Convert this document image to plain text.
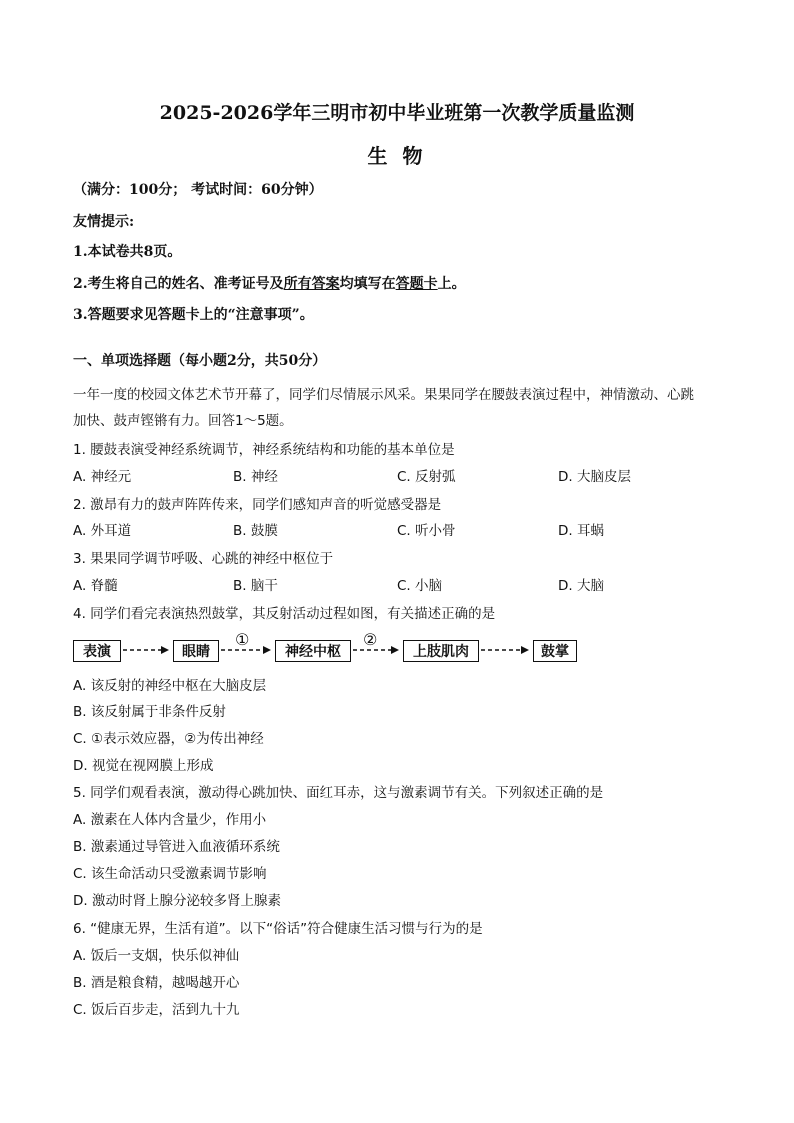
2025-2026学年三明市初中毕业班第一次教学质量监测
生 物
（满分：100分； 考试时间：60分钟）
友情提示:
1.本试卷共8页。
2.考生将自己的姓名、准考证号及所有答案均填写在答题卡上。
3.答题要求见答题卡上的“注意事项”。
一、单项选择题（每小题2分，共50分）
一年一度的校园文体艺术节开幕了，同学们尽情展示风采。果果同学在腰鼓表演过程中，神情激动、心跳
加快、鼓声铿锵有力。回答1～5题。
1. 腰鼓表演受神经系统调节，神经系统结构和功能的基本单位是
A. 神经元	B. 神经	C. 反射弧	D. 大脑皮层
2. 激昂有力的鼓声阵阵传来，同学们感知声音的听觉感受器是
A. 外耳道	B. 鼓膜	C. 听小骨	D. 耳蜗
3. 果果同学调节呼吸、心跳的神经中枢位于
A. 脊髓	B. 脑干	C. 小脑	D. 大脑
4. 同学们看完表演热烈鼓掌，其反射活动过程如图，有关描述正确的是
表演	眼睛
①
神经中枢
②
上肢肌肉	鼓掌
A. 该反射的神经中枢在大脑皮层
B. 该反射属于非条件反射
C. ①表示效应器，②为传出神经
D. 视觉在视网膜上形成
5. 同学们观看表演，激动得心跳加快、面红耳赤，这与激素调节有关。下列叙述正确的是
A. 激素在人体内含量少，作用小
B. 激素通过导管进入血液循环系统
C. 该生命活动只受激素调节影响
D. 激动时肾上腺分泌较多肾上腺素
6. “健康无界，生活有道”。以下“俗话”符合健康生活习惯与行为的是
A. 饭后一支烟，快乐似神仙
B. 酒是粮食精，越喝越开心
C. 饭后百步走，活到九十九
